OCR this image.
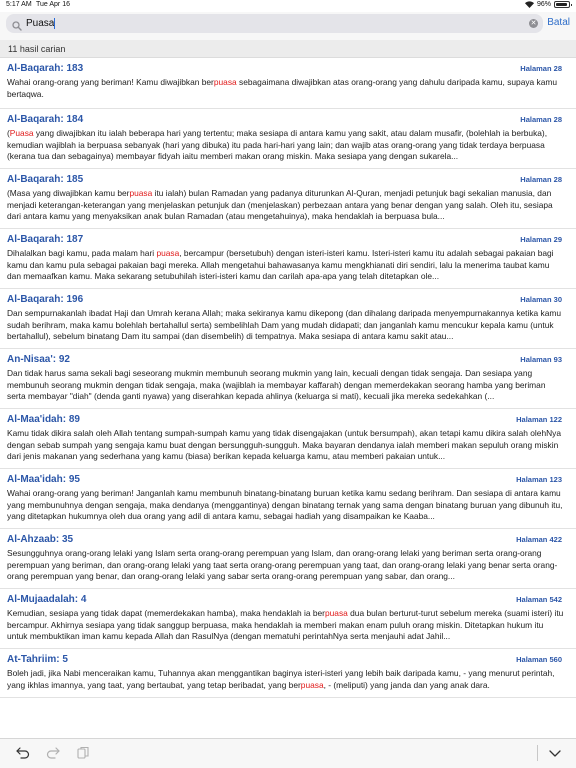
5:17 AM Tue Apr 16	96%
Puasa
✕ Batal
11 hasil carian
Al-Baqarah: 183	Halaman 28
Wahai orang-orang yang beriman! Kamu diwajibkan berpuasa sebagaimana diwajibkan atas orang-orang yang dahulu daripada kamu, supaya kamu bertaqwa.
Al-Baqarah: 184	Halaman 28
(Puasa yang diwajibkan itu ialah beberapa hari yang tertentu; maka sesiapa di antara kamu yang sakit, atau dalam musafir, (bolehlah ia berbuka), kemudian wajiblah ia berpuasa sebanyak (hari yang dibuka) itu pada hari-hari yang lain; dan wajib atas orang-orang yang tidak terdaya berpuasa (kerana tua dan sebagainya) membayar fidyah iaitu memberi makan orang miskin. Maka sesiapa yang dengan sukarela...
Al-Baqarah: 185	Halaman 28
(Masa yang diwajibkan kamu berpuasa itu ialah) bulan Ramadan yang padanya diturunkan Al-Quran, menjadi petunjuk bagi sekalian manusia, dan menjadi keterangan-keterangan yang menjelaskan petunjuk dan (menjelaskan) perbezaan antara yang benar dengan yang salah. Oleh itu, sesiapa dari antara kamu yang menyaksikan anak bulan Ramadan (atau mengetahuinya), maka hendaklah ia berpuasa bula...
Al-Baqarah: 187	Halaman 29
Dihalalkan bagi kamu, pada malam hari puasa, bercampur (bersetubuh) dengan isteri-isteri kamu. Isteri-isteri kamu itu adalah sebagai pakaian bagi kamu dan kamu pula sebagai pakaian bagi mereka. Allah mengetahui bahawasanya kamu mengkhianati diri sendiri, lalu la menerima taubat kamu dan memaafkan kamu. Maka sekarang setubuhilah isteri-isteri kamu dan carilah apa-apa yang telah ditetapkan ole...
Al-Baqarah: 196	Halaman 30
Dan sempurnakanlah ibadat Haji dan Umrah kerana Allah; maka sekiranya kamu dikepong (dan dihalang daripada menyempurnakannya ketika kamu sudah berihram, maka kamu bolehlah bertahallul serta) sembelihlah Dam yang mudah didapati; dan janganlah kamu mencukur kepala kamu (untuk bertahallul), sebelum binatang Dam itu sampai (dan disembelih) di tempatnya. Maka sesiapa di antara kamu sakit atau...
An-Nisaa': 92	Halaman 93
Dan tidak harus sama sekali bagi seseorang mukmin membunuh seorang mukmin yang lain, kecuali dengan tidak sengaja. Dan sesiapa yang membunuh seorang mukmin dengan tidak sengaja, maka (wajiblah ia membayar kaffarah) dengan memerdekakan seorang hamba yang beriman serta membayar "diah" (denda ganti nyawa) yang diserahkan kepada ahlinya (keluarga si mati), kecuali jika mereka sedekahkan (...
Al-Maa'idah: 89	Halaman 122
Kamu tidak dikira salah oleh Allah tentang sumpah-sumpah kamu yang tidak disengajakan (untuk bersumpah), akan tetapi kamu dikira salah olehNya dengan sebab sumpah yang sengaja kamu buat dengan bersungguh-sungguh. Maka bayaran dendanya ialah memberi makan sepuluh orang miskin dari jenis makanan yang sederhana yang kamu (biasa) berikan kepada keluarga kamu, atau memberi pakaian untuk...
Al-Maa'idah: 95	Halaman 123
Wahai orang-orang yang beriman! Janganlah kamu membunuh binatang-binatang buruan ketika kamu sedang berihram. Dan sesiapa di antara kamu yang membunuhnya dengan sengaja, maka dendanya (menggantinya) dengan binatang ternak yang sama dengan binatang buruan yang dibunuh itu, yang ditetapkan hukumnya oleh dua orang yang adil di antara kamu, sebagai hadiah yang disampaikan ke Kaaba...
Al-Ahzaab: 35	Halaman 422
Sesungguhnya orang-orang lelaki yang Islam serta orang-orang perempuan yang Islam, dan orang-orang lelaki yang beriman serta orang-orang perempuan yang beriman, dan orang-orang lelaki yang taat serta orang-orang perempuan yang taat, dan orang-orang lelaki yang benar serta orang-orang perempuan yang benar, dan orang-orang lelaki yang sabar serta orang-orang perempuan yang sabar, dan orang...
Al-Mujaadalah: 4	Halaman 542
Kemudian, sesiapa yang tidak dapat (memerdekakan hamba), maka hendaklah ia berpuasa dua bulan berturut-turut sebelum mereka (suami isteri) itu bercampur. Akhirnya sesiapa yang tidak sanggup berpuasa, maka hendaklah ia memberi makan enam puluh orang miskin. Ditetapkan hukum itu untuk membuktikan iman kamu kepada Allah dan RasulNya (dengan mematuhi perintahNya serta menjauhi adat Jahil...
At-Tahriim: 5	Halaman 560
Boleh jadi, jika Nabi menceraikan kamu, Tuhannya akan menggantikan baginya isteri-isteri yang lebih baik daripada kamu, - yang menurut perintah, yang ikhlas imannya, yang taat, yang bertaubat, yang tetap beribadat, yang berpuasa, - (meliputi) yang janda dan yang anak dara.
